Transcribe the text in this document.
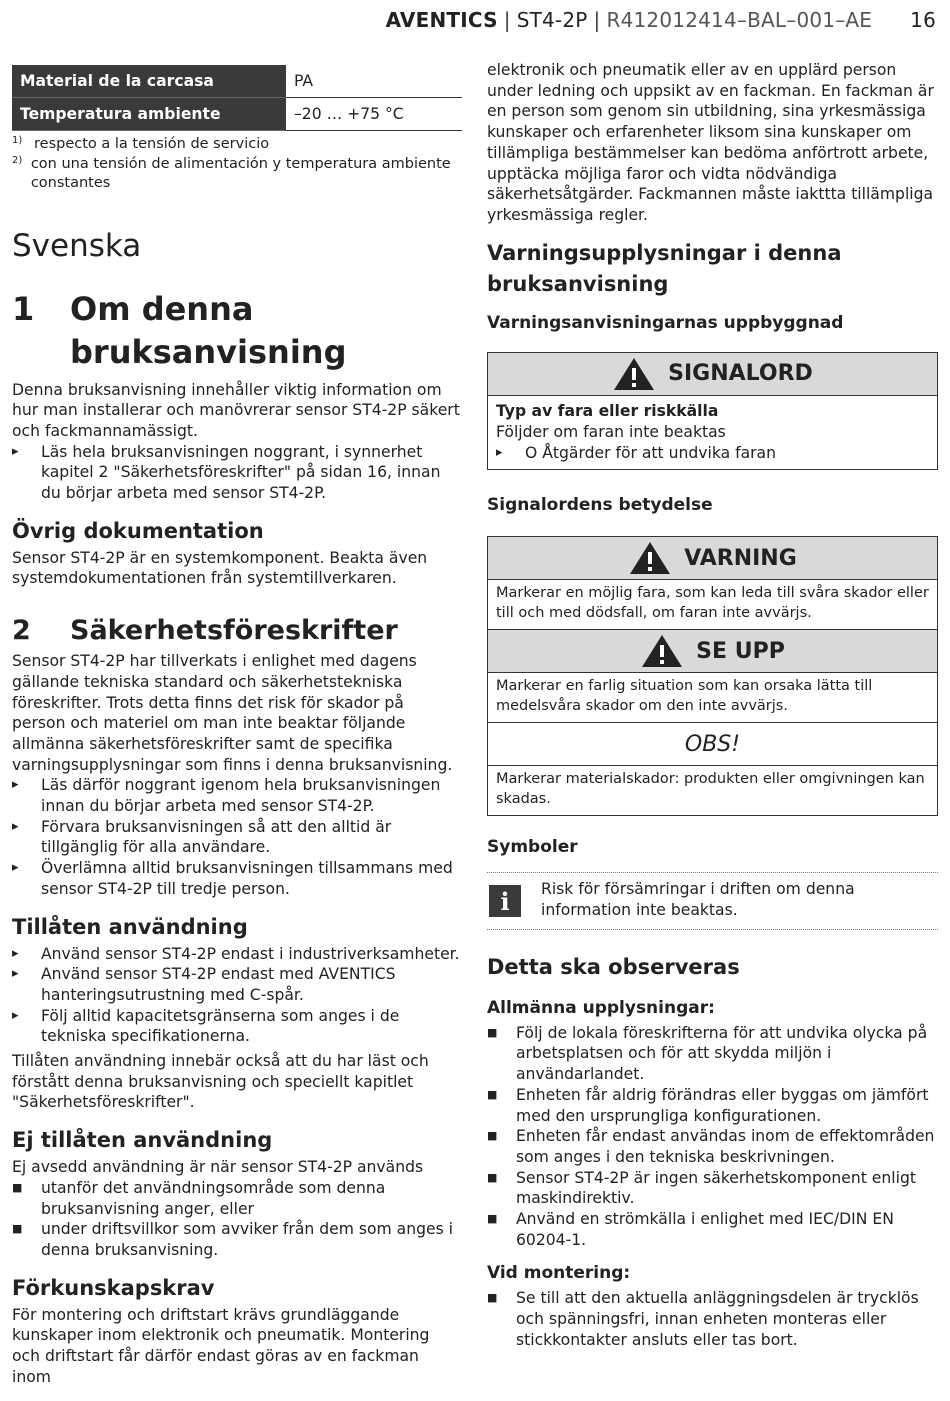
AVENTICS | ST4-2P | R412012414–BAL–001–AE 16
Material de la carcasa	PA
Temperatura ambiente	–20 … +75 °C
1) respecto a la tensión de servicio
2) con una tensión de alimentación y temperatura ambiente constantes
Svenska
1	Om denna bruksanvisning

Denna bruksanvisning innehåller viktig information om hur man installerar och manövrerar sensor ST4-2P säkert och fackmannamässigt.

▸ Läs hela bruksanvisningen noggrant, i synnerhet kapitel 2 "Säkerhetsföreskrifter" på sidan 16, innan du börjar arbeta med sensor ST4-2P.
Övrig dokumentation

Sensor ST4-2P är en systemkomponent. Beakta även systemdokumentationen från systemtillverkaren.

2	Säkerhetsföreskrifter

Sensor ST4-2P har tillverkats i enlighet med dagens gällande tekniska standard och säkerhetstekniska föreskrifter. Trots detta finns det risk för skador på person och materiel om man inte beaktar följande allmänna säkerhetsföreskrifter samt de specifika varningsupplysningar som finns i denna bruksanvisning.

▸ Läs därför noggrant igenom hela bruksanvisningen innan du börjar arbeta med sensor ST4-2P.
▸ Förvara bruksanvisningen så att den alltid är tillgänglig för alla användare.
▸ Överlämna alltid bruksanvisningen tillsammans med sensor ST4-2P till tredje person.
Tillåten användning
▸ Använd sensor ST4-2P endast i industriverksamheter.
▸ Använd sensor ST4-2P endast med AVENTICS hanteringsutrustning med C-spår.
▸ Följ alltid kapacitetsgränserna som anges i de tekniska specifikationerna.

Tillåten användning innebär också att du har läst och förstått denna bruksanvisning och speciellt kapitlet "Säkerhetsföreskrifter".

Ej tillåten användning

Ej avsedd användning är när sensor ST4-2P används

■ utanför det användningsområde som denna bruksanvisning anger, eller
■ under driftsvillkor som avviker från dem som anges i denna bruksanvisning.
Förkunskapskrav

För montering och driftstart krävs grundläggande kunskaper inom elektronik och pneumatik. Montering och driftstart får därför endast göras av en fackman inom

elektronik och pneumatik eller av en upplärd person under ledning och uppsikt av en fackman. En fackman är en person som genom sin utbildning, sina yrkesmässiga kunskaper och erfarenheter liksom sina kunskaper om tillämpliga bestämmelser kan bedöma anförtrott arbete, upptäcka möjliga faror och vidta nödvändiga säkerhetsåtgärder. Fackmannen måste iakttta tillämpliga yrkesmässiga regler.

Varningsupplysningar i denna bruksanvisning
Varningsanvisningarnas uppbyggnad
SIGNALORD
Typ av fara eller riskkälla
Följder om faran inte beaktas
▸ O Åtgärder för att undvika faran
Signalordens betydelse
VARNING
Markerar en möjlig fara, som kan leda till svåra skador eller till och med dödsfall, om faran inte avvärjs.
SE UPP
Markerar en farlig situation som kan orsaka lätta till medelsvåra skador om den inte avvärjs.
OBS!
Markerar materialskador: produkten eller omgivningen kan skadas.
Symboler
i	Risk för försämringar i driften om denna information inte beaktas.

Detta ska observeras
Allmänna upplysningar:
■ Följ de lokala föreskrifterna för att undvika olycka på arbetsplatsen och för att skydda miljön i användarlandet.
■ Enheten får aldrig förändras eller byggas om jämfört med den ursprungliga konfigurationen.
■ Enheten får endast användas inom de effektområden som anges i den tekniska beskrivningen.
■ Sensor ST4-2P är ingen säkerhetskomponent enligt maskindirektiv.
■ Använd en strömkälla i enlighet med IEC/DIN EN 60204-1.
Vid montering:
■ Se till att den aktuella anläggningsdelen är trycklös och spänningsfri, innan enheten monteras eller stickkontakter ansluts eller tas bort.
